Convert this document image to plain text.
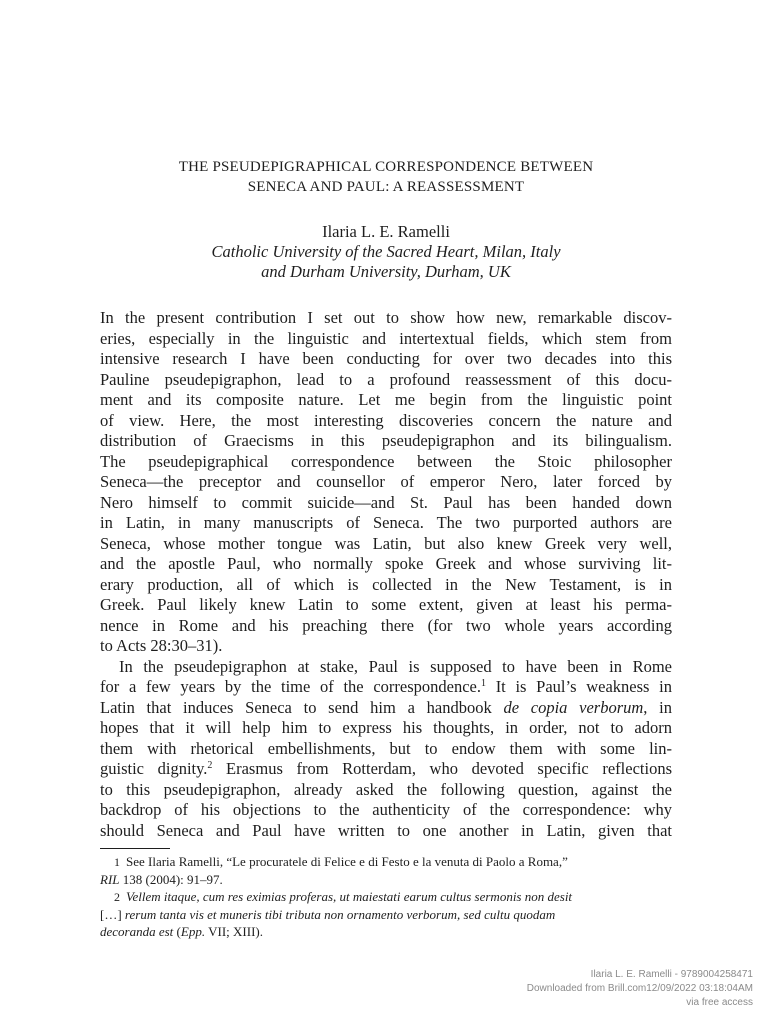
THE PSEUDEPIGRAPHICAL CORRESPONDENCE BETWEEN
SENECA AND PAUL: A REASSESSMENT
Ilaria L. E. Ramelli
Catholic University of the Sacred Heart, Milan, Italy
and Durham University, Durham, UK
In the present contribution I set out to show how new, remarkable discov-
eries, especially in the linguistic and intertextual fields, which stem from
intensive research I have been conducting for over two decades into this
Pauline pseudepigraphon, lead to a profound reassessment of this docu-
ment and its composite nature. Let me begin from the linguistic point
of view. Here, the most interesting discoveries concern the nature and
distribution of Graecisms in this pseudepigraphon and its bilingualism.
The pseudepigraphical correspondence between the Stoic philosopher
Seneca—the preceptor and counsellor of emperor Nero, later forced by
Nero himself to commit suicide—and St. Paul has been handed down
in Latin, in many manuscripts of Seneca. The two purported authors are
Seneca, whose mother tongue was Latin, but also knew Greek very well,
and the apostle Paul, who normally spoke Greek and whose surviving lit-
erary production, all of which is collected in the New Testament, is in
Greek. Paul likely knew Latin to some extent, given at least his perma-
nence in Rome and his preaching there (for two whole years according
to Acts 28:30–31).
In the pseudepigraphon at stake, Paul is supposed to have been in Rome
for a few years by the time of the correspondence.$^1$ It is Paul’s weakness in
Latin that induces Seneca to send him a handbook de copia verborum, in
hopes that it will help him to express his thoughts, in order, not to adorn
them with rhetorical embellishments, but to endow them with some lin-
guistic dignity.$^2$ Erasmus from Rotterdam, who devoted specific reflections
to this pseudepigraphon, already asked the following question, against the
backdrop of his objections to the authenticity of the correspondence: why
should Seneca and Paul have written to one another in Latin, given that
1 See Ilaria Ramelli, “Le procuratele di Felice e di Festo e la venuta di Paolo a Roma,”
RIL 138 (2004): 91–97.
2 Vellem itaque, cum res eximias proferas, ut maiestati earum cultus sermonis non desit
[…] rerum tanta vis et muneris tibi tributa non ornamento verborum, sed cultu quodam
decoranda est (Epp. VII; XIII).
Ilaria L. E. Ramelli - 9789004258471
Downloaded from Brill.com12/09/2022 03:18:04AM
via free access
